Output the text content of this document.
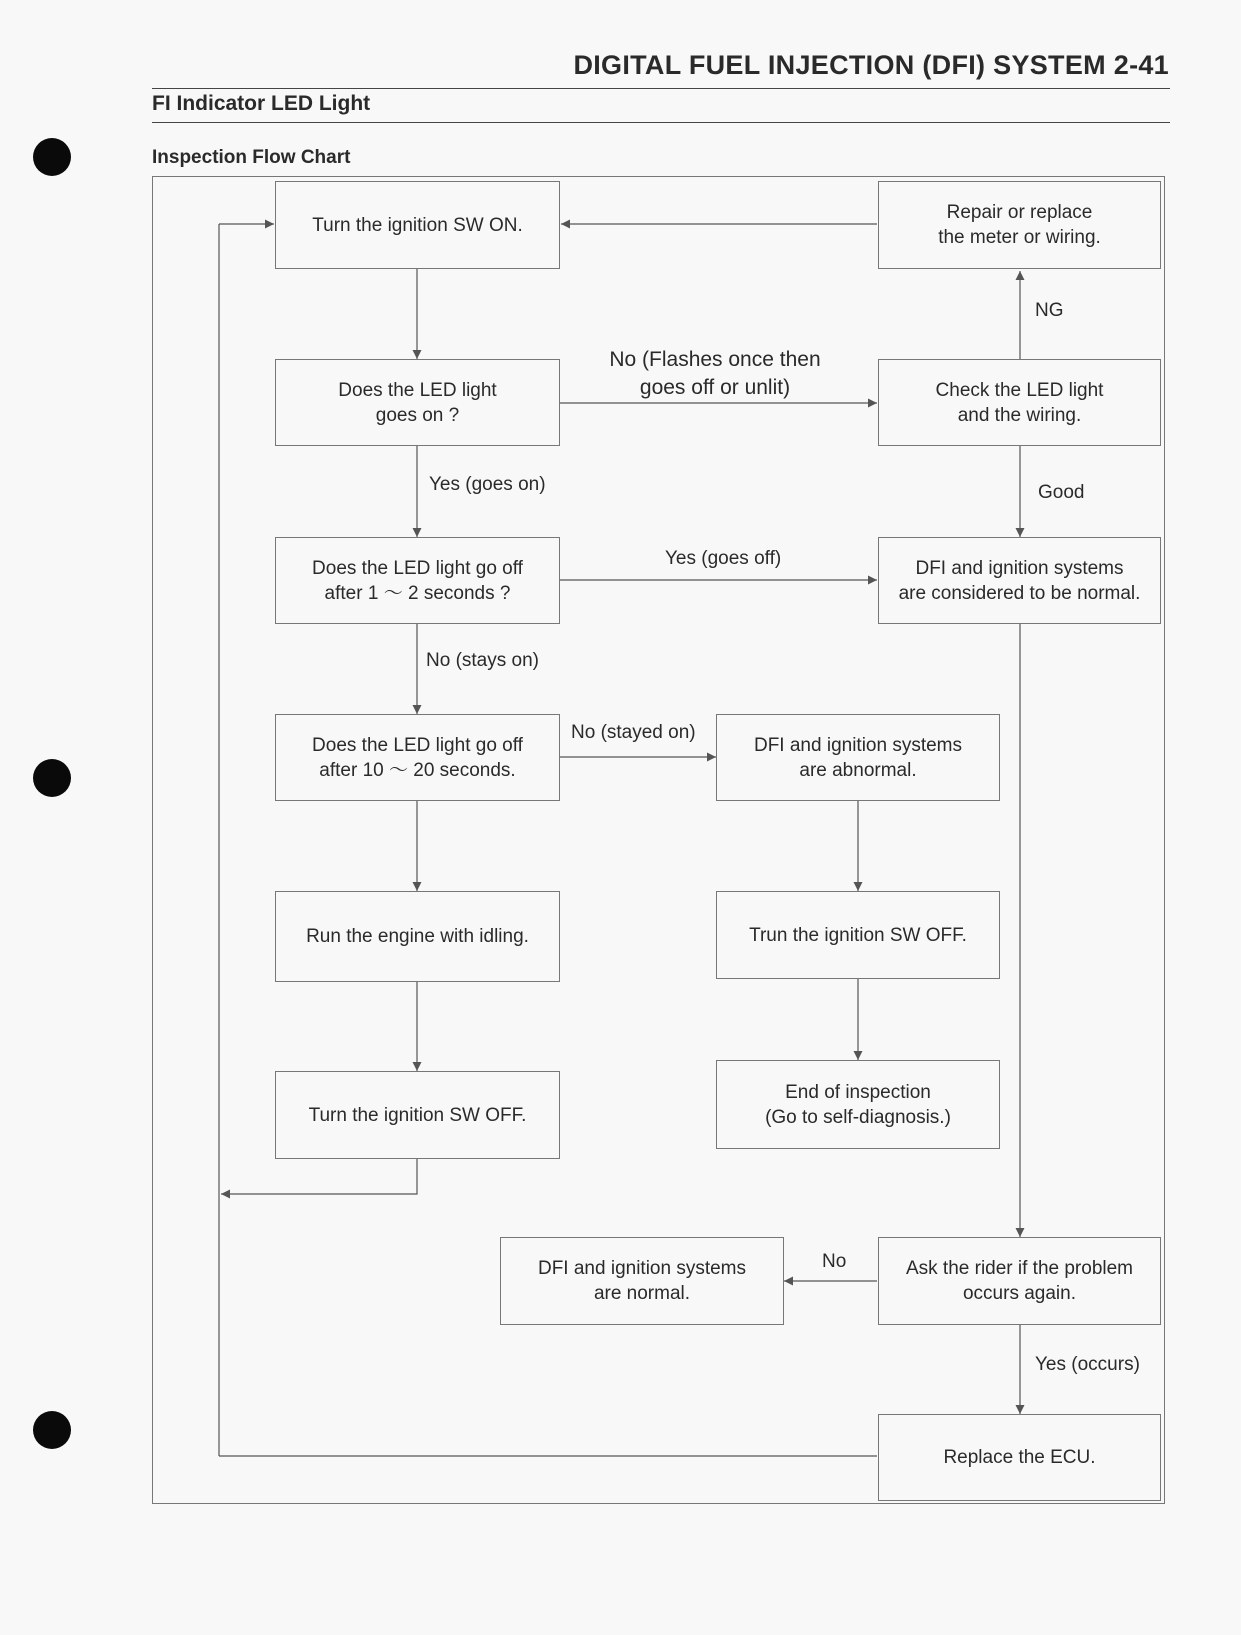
DIGITAL FUEL INJECTION (DFI) SYSTEM 2-41
FI Indicator LED Light
Inspection Flow Chart
Turn the ignition SW ON.
Repair or replace
the meter or wiring.
Does the LED light
goes on ?
Check the LED light
and the wiring.
Does the LED light go off
after 1 ～ 2 seconds ?
DFI and ignition systems
are considered to be normal.
Does the LED light go off
after 10 ～ 20 seconds.
DFI and ignition systems
are abnormal.
Run the engine with idling.	Trun the ignition SW OFF.
Turn the ignition SW OFF.
End of inspection
(Go to self-diagnosis.)
DFI and ignition systems
are normal.
Ask the rider if the problem
occurs again.
Replace the ECU.
NG
No (Flashes once then
goes off or unlit)
Good
Yes (goes on)
Yes (goes off)
No (stays on)
No (stayed on)
No
Yes (occurs)
